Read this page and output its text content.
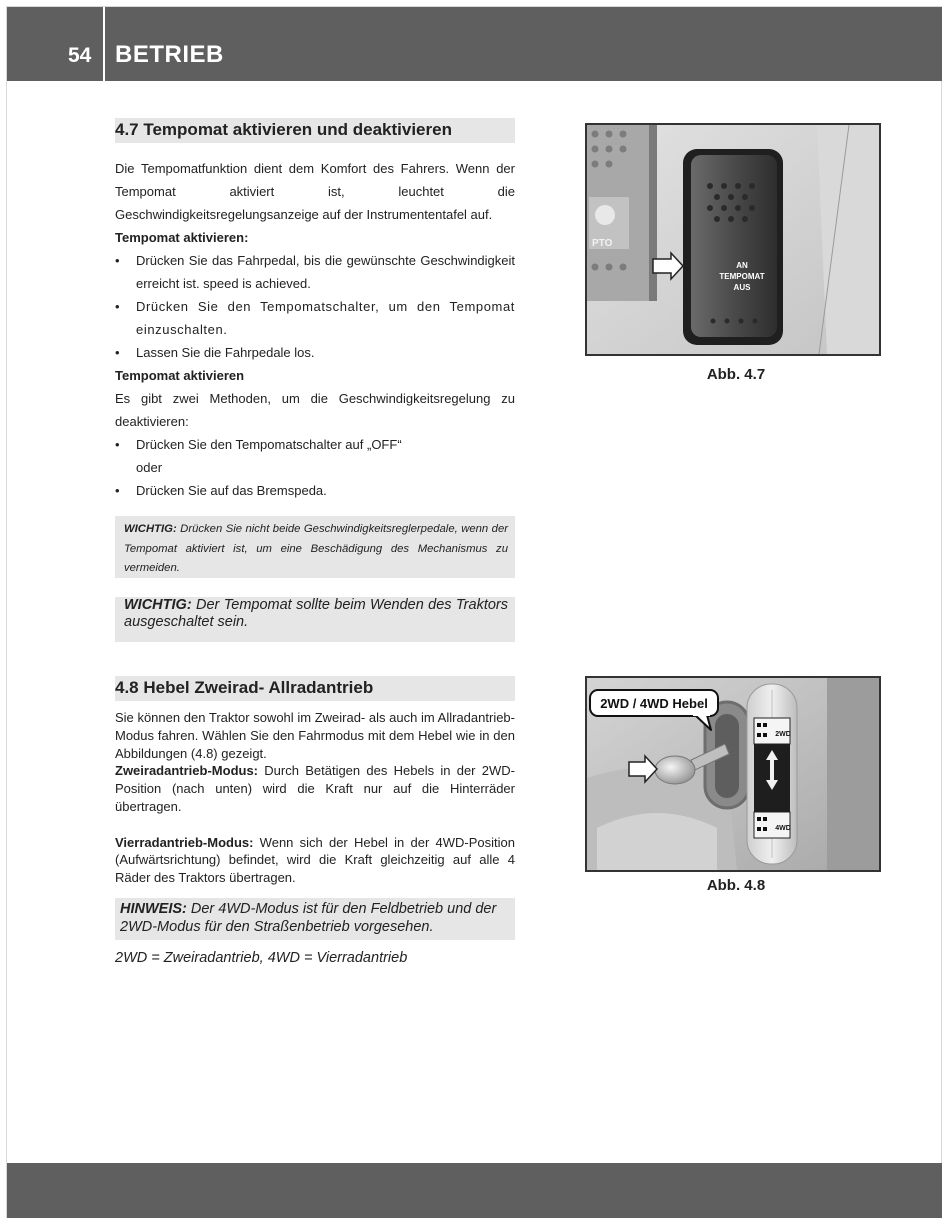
54 BETRIEB
4.7 Tempomat aktivieren und deaktivieren

Die Tempomatfunktion dient dem Komfort des Fahrers. Wenn der Tempomat aktiviert ist, leuchtet die Geschwindigkeitsregelungsanzeige auf der Instrumententafel auf.

Tempomat aktivieren:

• Drücken Sie das Fahrpedal, bis die gewünschte Geschwindigkeit erreicht ist. speed is achieved.

• Drücken Sie den Tempomatschalter, um den Tempomat einzuschalten.

• Lassen Sie die Fahrpedale los.

Tempomat aktivieren

Es gibt zwei Methoden, um die Geschwindigkeitsregelung zu deaktivieren:

• Drücken Sie den Tempomatschalter auf „OFF“

oder

• Drücken Sie auf das Bremspeda.

WICHTIG: Drücken Sie nicht beide Geschwindigkeitsreglerpedale, wenn der Tempomat aktiviert ist, um eine Beschädigung des Mechanismus zu vermeiden.
WICHTIG: Der Tempomat sollte beim Wenden des Traktors ausgeschaltet sein.
PTO
AN
TEMPOMAT
AUS
Abb. 4.7
4.8 Hebel Zweirad- Allradantrieb

Sie können den Traktor sowohl im Zweirad- als auch im Allradantrieb-Modus fahren. Wählen Sie den Fahrmodus mit dem Hebel wie in den Abbildungen (4.8) gezeigt.

Zweiradantrieb-Modus: Durch Betätigen des Hebels in der 2WD-Position (nach unten) wird die Kraft nur auf die Hinterräder übertragen.

Vierradantrieb-Modus: Wenn sich der Hebel in der 4WD-Position (Aufwärtsrichtung) befindet, wird die Kraft gleichzeitig auf alle 4 Räder des Traktors übertragen.

HINWEIS: Der 4WD-Modus ist für den Feldbetrieb und der 2WD-Modus für den Straßenbetrieb vorgesehen.
2WD = Zweiradantrieb, 4WD = Vierradantrieb
2WD
4WD
2WD / 4WD Hebel
Abb. 4.8
